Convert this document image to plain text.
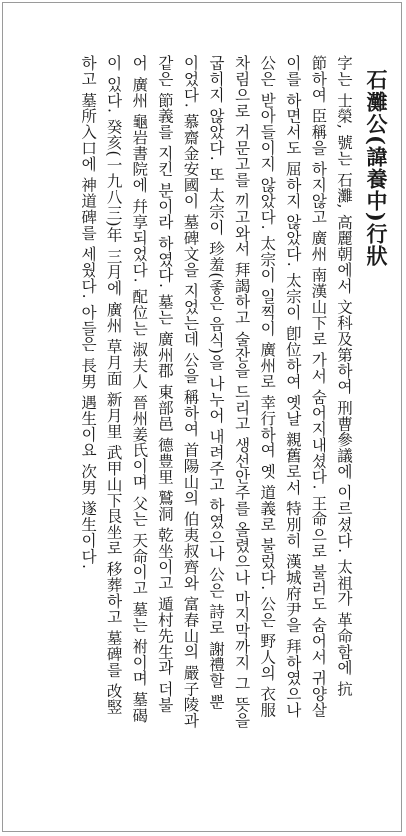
石灘公(諱養中)行狀
字는 士榮, 號는 石灘, 高麗朝에서 文科及第하여 刑曹參議에 이르셨다. 太祖가 革命함에 抗
節하여 臣稱을 하지않고 廣州 南漢山下로 가서 숨어지내셨다. 王命으로 불러도 숨어서 귀양살
이를 하면서도 屈하지 않았다. 太宗이 卽位하여 옛날 親舊로서 特別히 漢城府尹을 拜하였으나
公은 받아들이지 않았다. 太宗이 일찍이 廣州로 幸行하여 옛 道義로 불렀다. 公은 野人의 衣服
차림으로 거문고를 끼고와서 拜謁하고 술잔을 드리고 생선안주를 올렸으나 마지막까지 그 뜻을
굽히지 않았다. 또 太宗이 珍羞(좋은 음식)을 나누어 내려주고 하였으나 公은 詩로 謝禮할 뿐
이었다. 慕齋金安國이 墓碑文을 지었는데 公을 稱하여 首陽山의 伯夷叔齊와 富春山의 嚴子陵과
같은 節義를 지킨 분이라 하였다. 墓는 廣州郡 東部邑 德豊里 鷲洞 乾坐이고 遁村先生과 더불
어 廣州 龜岩書院에 幷享되었다. 配位는 淑夫人 晉州姜氏이며 父는 天命이고 墓는 祔이며 墓碣
이 있다. 癸亥(一九八三)年 三月에 廣州 草月面 新月里 武甲山下艮坐로 移葬하고 墓碑를 改竪
하고 墓所入口에 神道碑를 세웠다. 아들은 長男 遇生이요 次男 遂生이다.
